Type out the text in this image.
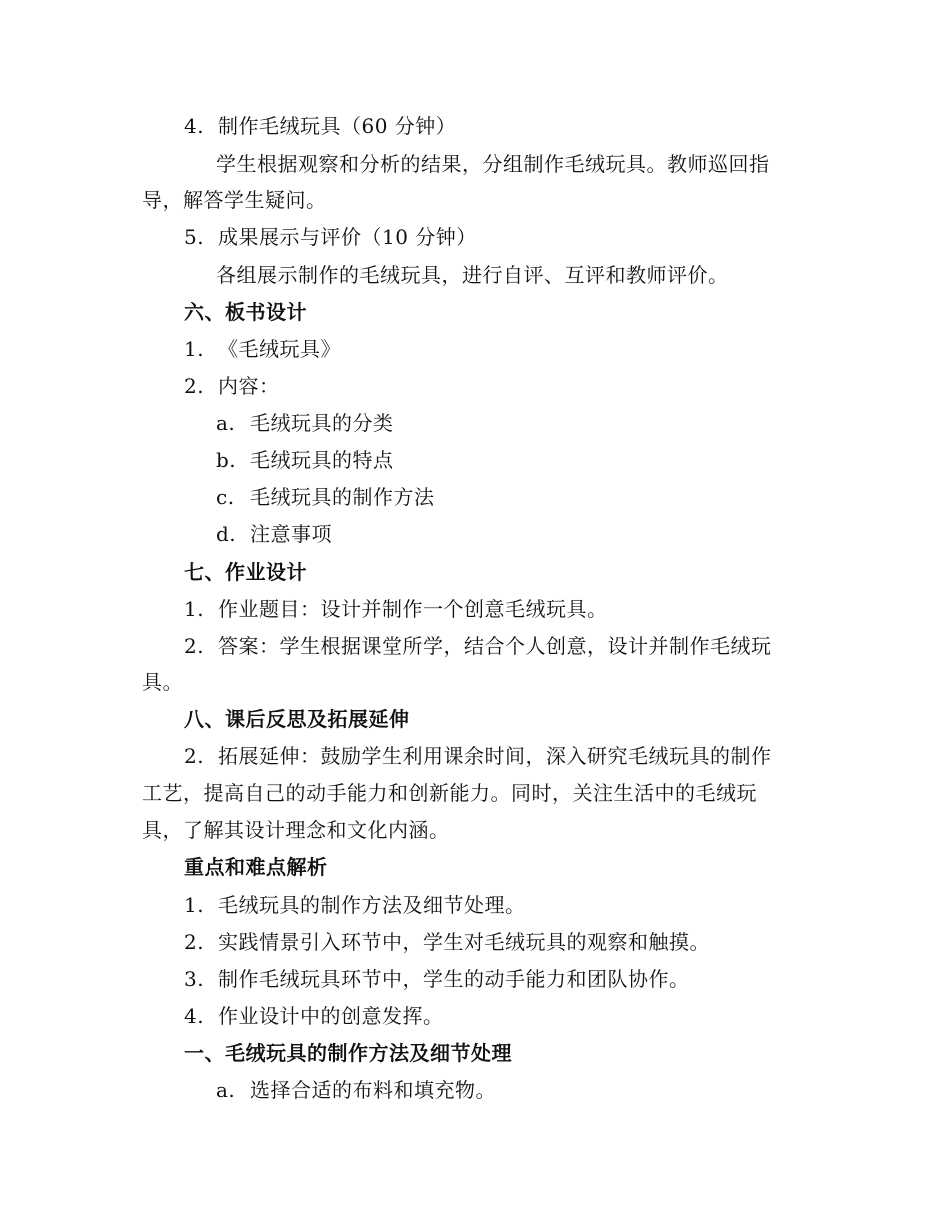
4. 制作毛绒玩具（60 分钟）
学生根据观察和分析的结果，分组制作毛绒玩具。教师巡回指
导，解答学生疑问。
5. 成果展示与评价（10 分钟）
各组展示制作的毛绒玩具，进行自评、互评和教师评价。
六、板书设计
1. 《毛绒玩具》
2. 内容：
a. 毛绒玩具的分类
b. 毛绒玩具的特点
c. 毛绒玩具的制作方法
d. 注意事项
七、作业设计
1. 作业题目：设计并制作一个创意毛绒玩具。
2. 答案：学生根据课堂所学，结合个人创意，设计并制作毛绒玩
具。
八、课后反思及拓展延伸
2. 拓展延伸：鼓励学生利用课余时间，深入研究毛绒玩具的制作
工艺，提高自己的动手能力和创新能力。同时，关注生活中的毛绒玩
具，了解其设计理念和文化内涵。
重点和难点解析
1. 毛绒玩具的制作方法及细节处理。
2. 实践情景引入环节中，学生对毛绒玩具的观察和触摸。
3. 制作毛绒玩具环节中，学生的动手能力和团队协作。
4. 作业设计中的创意发挥。
一、毛绒玩具的制作方法及细节处理
a. 选择合适的布料和填充物。
